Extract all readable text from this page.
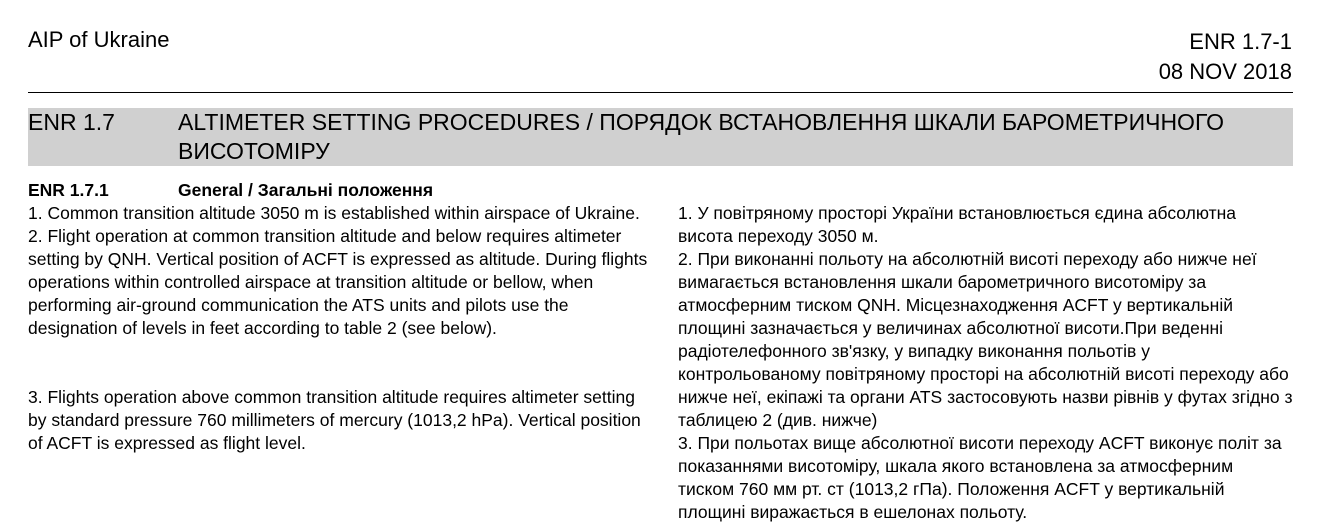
AIP of Ukraine	ENR 1.7-1
08 NOV 2018
ENR 1.7	ALTIMETER SETTING PROCEDURES / ПОРЯДОК ВСТАНОВЛЕННЯ ШКАЛИ БАРОМЕТРИЧНОГО ВИСОТОМІРУ
ENR 1.7.1	General / Загальні положення

1. Common transition altitude 3050 m is established within airspace of Ukraine.

2. Flight operation at common transition altitude and below requires altimeter setting by QNH. Vertical position of ACFT is expressed as altitude. During flights operations within controlled airspace at transition altitude or bellow, when performing air-ground communication the ATS units and pilots use the designation of levels in feet according to table 2 (see below).

3. Flights operation above common transition altitude requires altimeter setting by standard pressure 760 millimeters of mercury (1013,2 hPa). Vertical position of ACFT is expressed as flight level.

1. У повітряному просторі України встановлюється єдина абсолютна висота переходу 3050 м.

2. При виконанні польоту на абсолютній висоті переходу або нижче неї вимагається встановлення шкали барометричного висотоміру за атмосферним тиском QNH. Місцезнаходження ACFT у вертикальній площині зазначається у величинах абсолютної висоти.При веденні радіотелефонного зв'язку, у випадку виконання польотів у контрольованому повітряному просторі на абсолютній висоті переходу або нижче неї, екіпажі та органи ATS застосовують назви рівнів у футах згідно з таблицею 2 (див. нижче)

3. При польотах вище абсолютної висоти переходу ACFT виконує політ за показаннями висотоміру, шкала якого встановлена за атмосферним тиском 760 мм рт. ст (1013,2 гПа). Положення ACFT у вертикальній площині виражається в ешелонах польоту.
